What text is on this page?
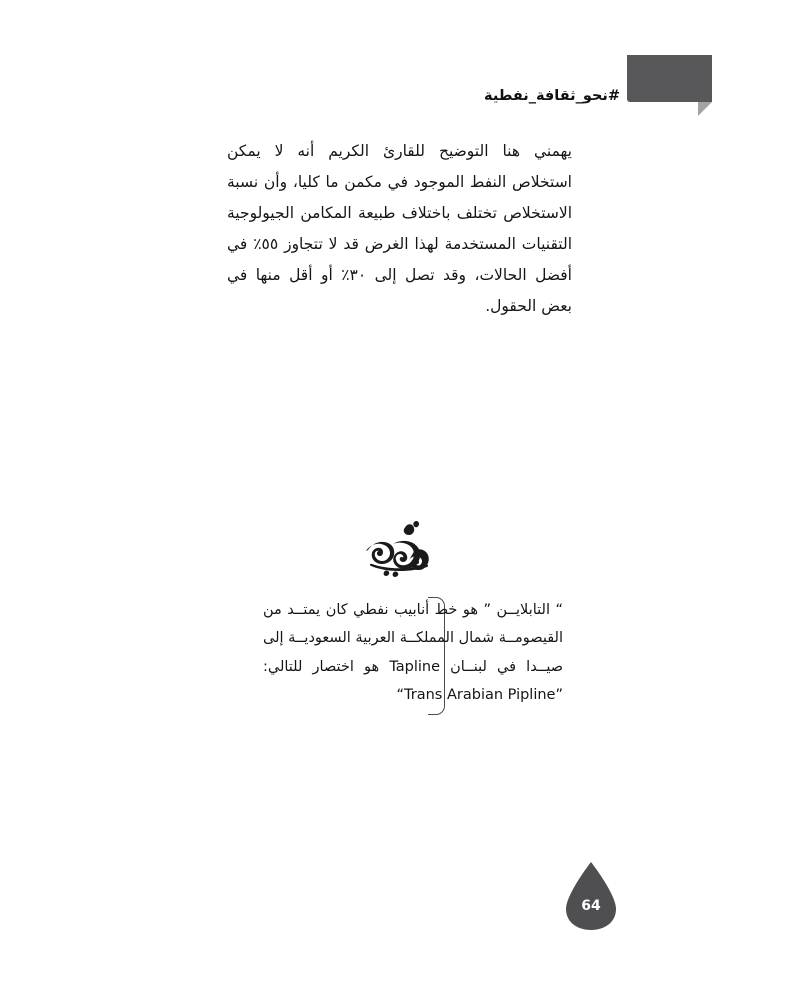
#نحو_ثقافة_نفطية
يهمني هنا التوضيح للقارئ الكريم أنه لا يمكن استخلاص النفط الموجود في مكمن ما كليا، وأن نسبة الاستخلاص تختلف باختلاف طبيعة المكامن الجيولوجية التقنيات المستخدمة لهذا الغرض قد لا تتجاوز ٥٥٪ في أفضل الحالات، وقد تصل إلى ٣٠٪ أو أقل منها في بعض الحقول.
“ التابلايــن ” هو خط أنابيب نفطي كان يمتــد من القيصومــة شمال المملكــة العربية السعوديــة إلى صيــدا في لبنــان Tapline هو اختصار للتالي: “Trans Arabian Pipline”
64
